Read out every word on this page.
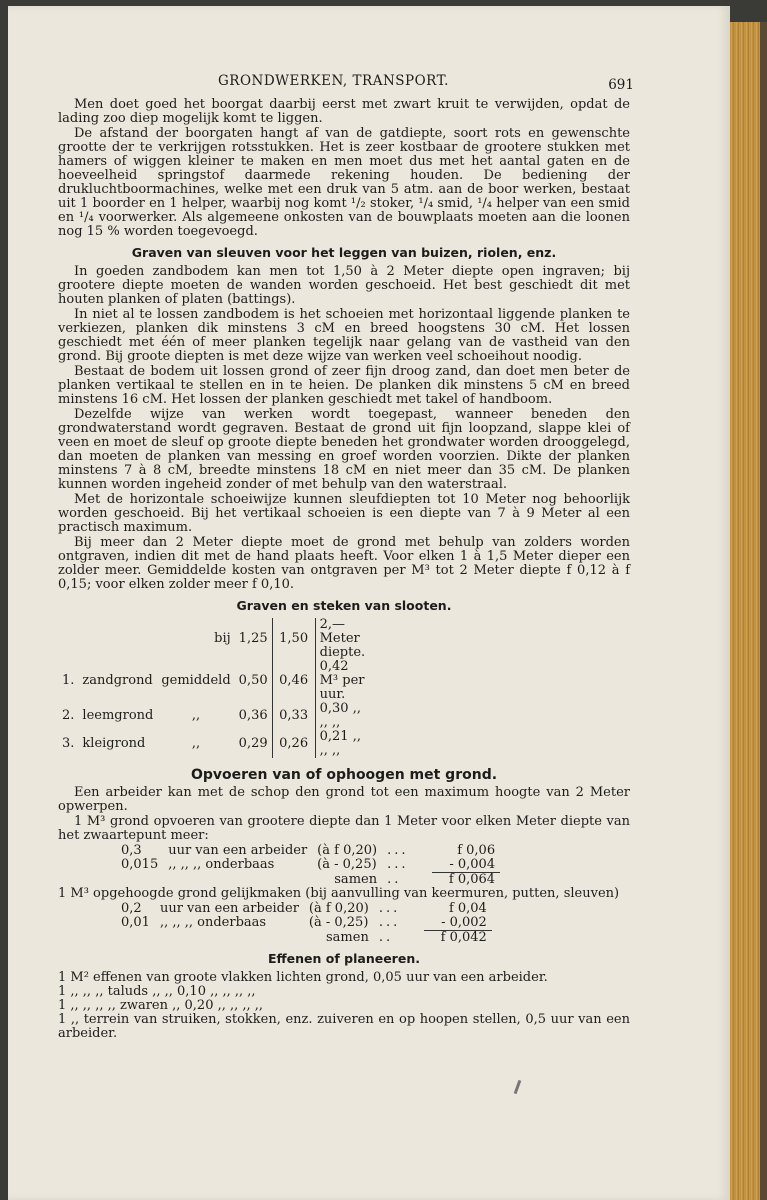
GRONDWERKEN, TRANSPORT.	691

Men doet goed het boorgat daarbij eerst met zwart kruit te verwijden, opdat de lading zoo diep mogelijk komt te liggen.

De afstand der boorgaten hangt af van de gatdiepte, soort rots en gewenschte grootte der te verkrijgen rotsstukken. Het is zeer kostbaar de grootere stukken met hamers of wiggen kleiner te maken en men moet dus met het aantal gaten en de hoeveelheid springstof daarmede rekening houden. De bediening der drukluchtboormachines, welke met een druk van 5 atm. aan de boor werken, bestaat uit 1 boorder en 1 helper, waarbij nog komt ¹/₂ stoker, ¹/₄ smid, ¹/₄ helper van een smid en ¹/₄ voorwerker. Als algemeene onkosten van de bouwplaats moeten aan die loonen nog 15 % worden toegevoegd.

Graven van sleuven voor het leggen van buizen, riolen, enz.

In goeden zandbodem kan men tot 1,50 à 2 Meter diepte open ingraven; bij grootere diepte moeten de wanden worden geschoeid. Het best geschiedt dit met houten planken of platen (battings).

In niet al te lossen zandbodem is het schoeien met horizontaal liggende planken te verkiezen, planken dik minstens 3 cM en breed hoogstens 30 cM. Het lossen geschiedt met één of meer planken tegelijk naar gelang van de vastheid van den grond. Bij groote diepten is met deze wijze van werken veel schoeihout noodig.

Bestaat de bodem uit lossen grond of zeer fijn droog zand, dan doet men beter de planken vertikaal te stellen en in te heien. De planken dik minstens 5 cM en breed minstens 16 cM. Het lossen der planken geschiedt met takel of handboom.

Dezelfde wijze van werken wordt toegepast, wanneer beneden den grondwaterstand wordt gegraven. Bestaat de grond uit fijn loopzand, slappe klei of veen en moet de sleuf op groote diepte beneden het grondwater worden drooggelegd, dan moeten de planken van messing en groef worden voorzien. Dikte der planken minstens 7 à 8 cM, breedte minstens 18 cM en niet meer dan 35 cM. De planken kunnen worden ingeheid zonder of met behulp van den waterstraal.

Met de horizontale schoeiwijze kunnen sleufdiepten tot 10 Meter nog behoorlijk worden geschoeid. Bij het vertikaal schoeien is een diepte van 7 à 9 Meter al een practisch maximum.

Bij meer dan 2 Meter diepte moet de grond met behulp van zolders worden ontgraven, indien dit met de hand plaats heeft. Voor elken 1 à 1,5 Meter dieper een zolder meer. Gemiddelde kosten van ontgraven per M³ tot 2 Meter diepte f 0,12 à f 0,15; voor elken zolder meer f 0,10.

Graven en steken van slooten.
		bij	1,25	1,50	2,— Meter diepte.
1.	zandgrond	gemiddeld	0,50	0,46	0,42 M³ per uur.
2.	leemgrond	,,	0,36	0,33	0,30 ,, ,, ,,
3.	kleigrond	,,	0,29	0,26	0,21 ,, ,, ,,
Opvoeren van of ophoogen met grond.

Een arbeider kan met de schop den grond tot een maximum hoogte van 2 Meter opwerpen.

1 M³ grond opvoeren van grootere diepte dan 1 Meter voor elken Meter diepte van het zwaartepunt meer:

0,3	uur van een arbeider	(à f 0,20)	...	f 0,06
0,015	,, ,, ,, onderbaas	(à - 0,25)	...	- 0,004
		samen	..	f 0,064

1 M³ opgehoogde grond gelijkmaken (bij aanvulling van keermuren, putten, sleuven)

0,2	uur van een arbeider	(à f 0,20)	...	f 0,04
0,01	,, ,, ,, onderbaas	(à - 0,25)	...	- 0,002
		samen	..	f 0,042
Effenen of planeeren.

1 M² effenen van groote vlakken lichten grond, 0,05 uur van een arbeider.

1 ,, ,, ,, taluds ,, ,, 0,10 ,, ,, ,, ,,

1 ,, ,, ,, ,, zwaren ,, 0,20 ,, ,, ,, ,,

1 ,, terrein van struiken, stokken, enz. zuiveren en op hoopen stellen, 0,5 uur van een arbeider.
